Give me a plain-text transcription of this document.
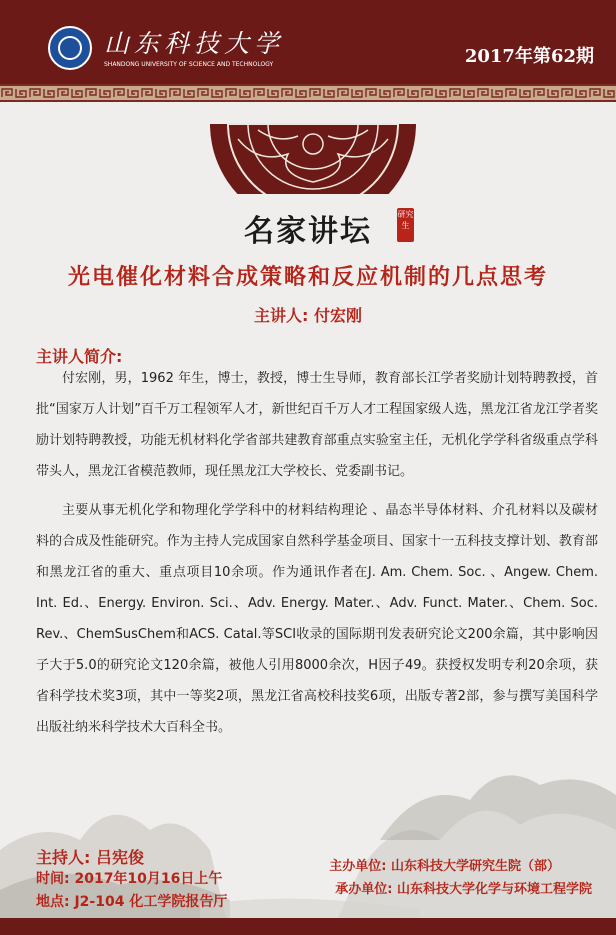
山东科技大学
SHANDONG UNIVERSITY OF SCIENCE AND TECHNOLOGY	2017年第62期
名家讲坛	研究生
光电催化材料合成策略和反应机制的几点思考
主讲人: 付宏刚
主讲人简介:

付宏刚，男，1962 年生，博士，教授，博士生导师，教育部长江学者奖励计划特聘教授，首批“国家万人计划”百千万工程领军人才，新世纪百千万人才工程国家级人选，黑龙江省龙江学者奖励计划特聘教授，功能无机材料化学省部共建教育部重点实验室主任，无机化学学科省级重点学科带头人，黑龙江省模范教师，现任黑龙江大学校长、党委副书记。

主要从事无机化学和物理化学学科中的材料结构理论 、晶态半导体材料、介孔材料以及碳材料的合成及性能研究。作为主持人完成国家自然科学基金项目、国家十一五科技支撑计划、教育部和黑龙江省的重大、重点项目10余项。作为通讯作者在J. Am. Chem. Soc. 、Angew. Chem. Int. Ed.、Energy. Environ. Sci.、Adv. Energy. Mater.、Adv. Funct. Mater.、Chem. Soc. Rev.、ChemSusChem和ACS. Catal.等SCI收录的国际期刊发表研究论文200余篇，其中影响因子大于5.0的研究论文120余篇，被他人引用8000余次，H因子49。获授权发明专利20余项，获省科学技术奖3项，其中一等奖2项，黑龙江省高校科技奖6项，出版专著2部，参与撰写美国科学出版社纳米科学技术大百科全书。

主持人: 吕宪俊
时间: 2017年10月16日上午
地点: J2-104 化工学院报告厅
主办单位: 山东科技大学研究生院（部）
承办单位: 山东科技大学化学与环境工程学院
